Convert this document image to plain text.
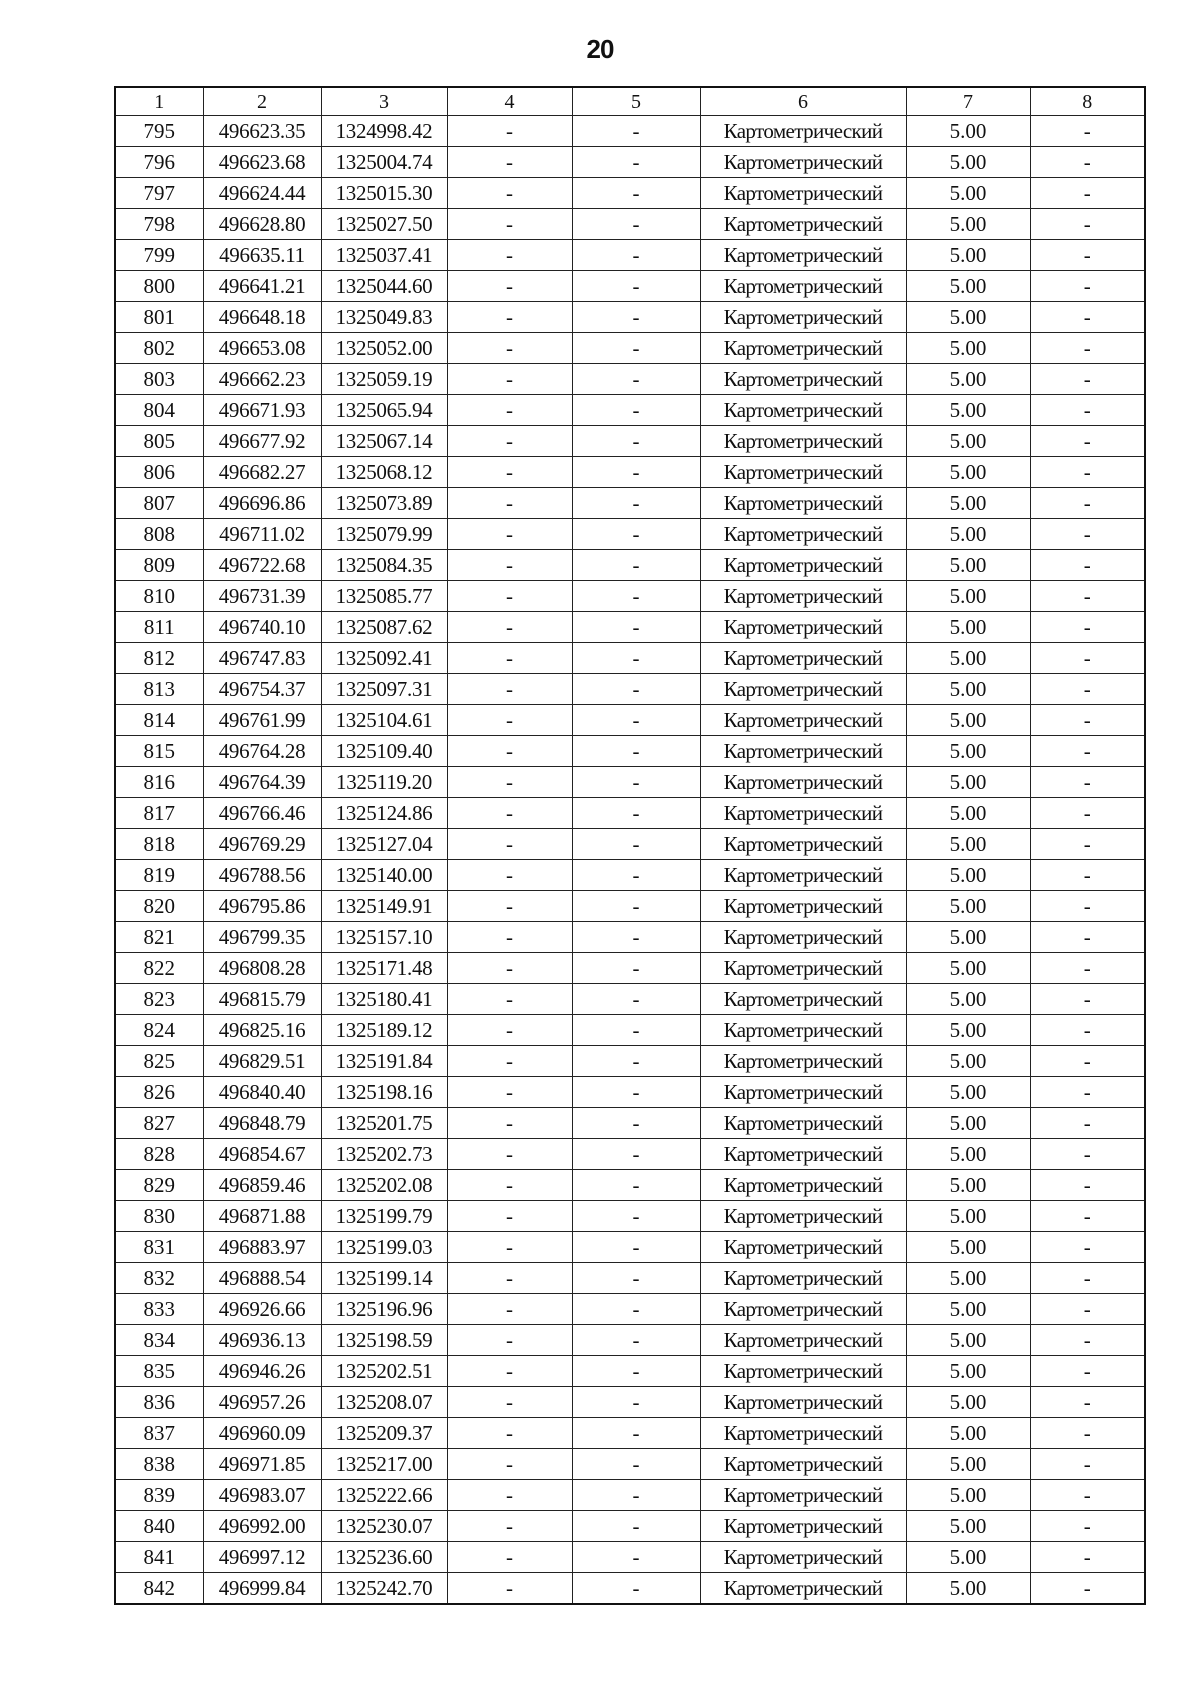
20
1	2	3	4	5	6	7	8
795	496623.35	1324998.42	-	-	Картометрический	5.00	-
796	496623.68	1325004.74	-	-	Картометрический	5.00	-
797	496624.44	1325015.30	-	-	Картометрический	5.00	-
798	496628.80	1325027.50	-	-	Картометрический	5.00	-
799	496635.11	1325037.41	-	-	Картометрический	5.00	-
800	496641.21	1325044.60	-	-	Картометрический	5.00	-
801	496648.18	1325049.83	-	-	Картометрический	5.00	-
802	496653.08	1325052.00	-	-	Картометрический	5.00	-
803	496662.23	1325059.19	-	-	Картометрический	5.00	-
804	496671.93	1325065.94	-	-	Картометрический	5.00	-
805	496677.92	1325067.14	-	-	Картометрический	5.00	-
806	496682.27	1325068.12	-	-	Картометрический	5.00	-
807	496696.86	1325073.89	-	-	Картометрический	5.00	-
808	496711.02	1325079.99	-	-	Картометрический	5.00	-
809	496722.68	1325084.35	-	-	Картометрический	5.00	-
810	496731.39	1325085.77	-	-	Картометрический	5.00	-
811	496740.10	1325087.62	-	-	Картометрический	5.00	-
812	496747.83	1325092.41	-	-	Картометрический	5.00	-
813	496754.37	1325097.31	-	-	Картометрический	5.00	-
814	496761.99	1325104.61	-	-	Картометрический	5.00	-
815	496764.28	1325109.40	-	-	Картометрический	5.00	-
816	496764.39	1325119.20	-	-	Картометрический	5.00	-
817	496766.46	1325124.86	-	-	Картометрический	5.00	-
818	496769.29	1325127.04	-	-	Картометрический	5.00	-
819	496788.56	1325140.00	-	-	Картометрический	5.00	-
820	496795.86	1325149.91	-	-	Картометрический	5.00	-
821	496799.35	1325157.10	-	-	Картометрический	5.00	-
822	496808.28	1325171.48	-	-	Картометрический	5.00	-
823	496815.79	1325180.41	-	-	Картометрический	5.00	-
824	496825.16	1325189.12	-	-	Картометрический	5.00	-
825	496829.51	1325191.84	-	-	Картометрический	5.00	-
826	496840.40	1325198.16	-	-	Картометрический	5.00	-
827	496848.79	1325201.75	-	-	Картометрический	5.00	-
828	496854.67	1325202.73	-	-	Картометрический	5.00	-
829	496859.46	1325202.08	-	-	Картометрический	5.00	-
830	496871.88	1325199.79	-	-	Картометрический	5.00	-
831	496883.97	1325199.03	-	-	Картометрический	5.00	-
832	496888.54	1325199.14	-	-	Картометрический	5.00	-
833	496926.66	1325196.96	-	-	Картометрический	5.00	-
834	496936.13	1325198.59	-	-	Картометрический	5.00	-
835	496946.26	1325202.51	-	-	Картометрический	5.00	-
836	496957.26	1325208.07	-	-	Картометрический	5.00	-
837	496960.09	1325209.37	-	-	Картометрический	5.00	-
838	496971.85	1325217.00	-	-	Картометрический	5.00	-
839	496983.07	1325222.66	-	-	Картометрический	5.00	-
840	496992.00	1325230.07	-	-	Картометрический	5.00	-
841	496997.12	1325236.60	-	-	Картометрический	5.00	-
842	496999.84	1325242.70	-	-	Картометрический	5.00	-
